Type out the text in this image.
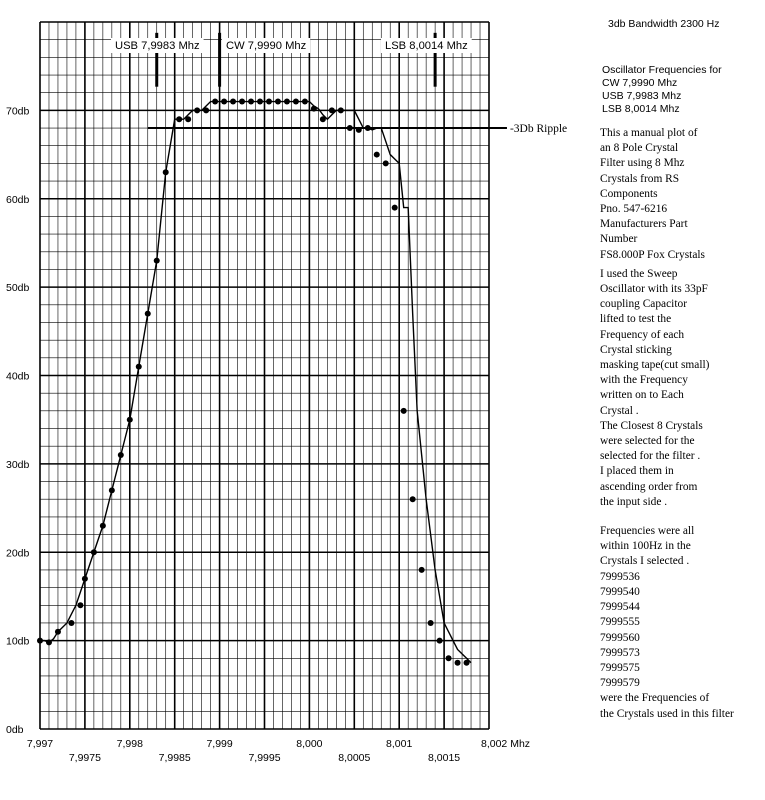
0db
10db
20db
30db
40db
50db
60db
70db
7,997
7,9975
7,998
7,9985
7,999
7,9995
8,000
8,0005
8,001
8,0015
8,002 Mhz
USB 7,9983 Mhz CW 7,9990 Mhz	LSB 8,0014 Mhz
-3Db Ripple
3db Bandwidth 2300 Hz
Oscillator Frequencies for
CW 7,9990 Mhz
USB 7,9983 Mhz
LSB 8,0014 Mhz
This a manual plot of
an 8 Pole Crystal
Filter using 8 Mhz
Crystals from RS
Components
Pno. 547-6216
Manufacturers Part
Number
FS8.000P Fox Crystals
I used the Sweep
Oscillator with its 33pF
coupling Capacitor
lifted to test the
Frequency of each
Crystal sticking
masking tape(cut small)
with the Frequency
written on to Each
Crystal .
The Closest 8 Crystals
were selected for the
selected for the filter .
I placed them in
ascending order from
the input side .
Frequencies were all
within 100Hz in the
Crystals I selected .
7999536
7999540
7999544
7999555
7999560
7999573
7999575
7999579
were the Frequencies of
the Crystals used in this filter
